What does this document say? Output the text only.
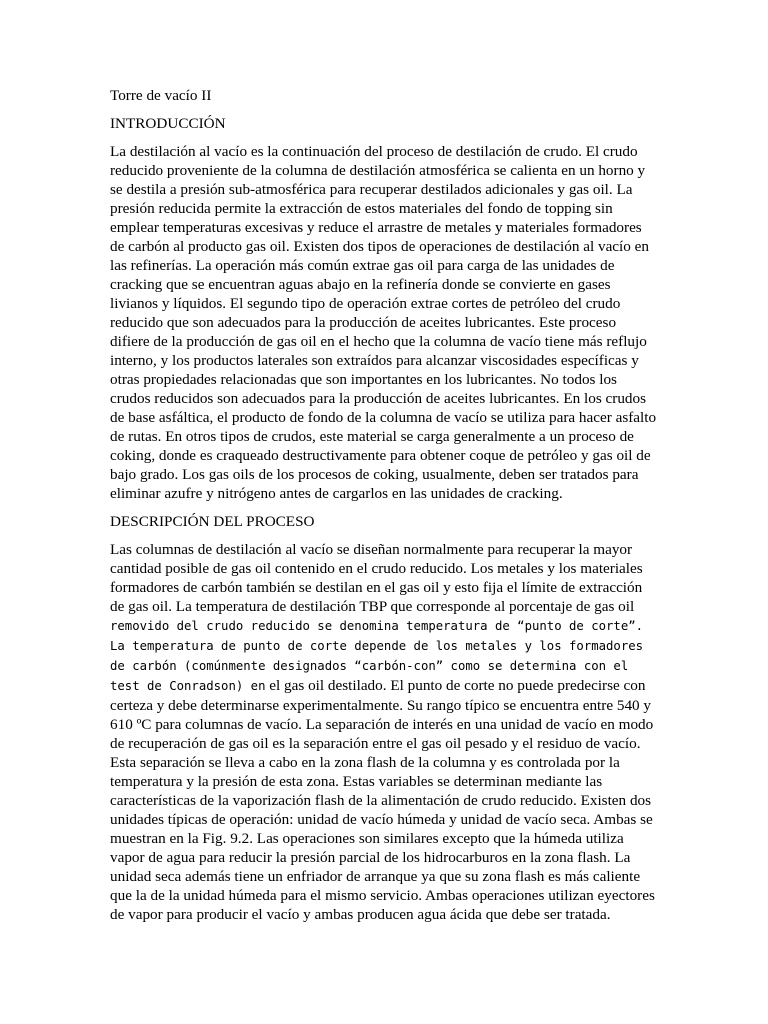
Torre de vacío II

INTRODUCCIÓN

La destilación al vacío es la continuación del proceso de destilación de crudo. El crudo reducido proveniente de la columna de destilación atmosférica se calienta en un horno y se destila a presión sub-atmosférica para recuperar destilados adicionales y gas oil. La presión reducida permite la extracción de estos materiales del fondo de topping sin emplear temperaturas excesivas y reduce el arrastre de metales y materiales formadores de carbón al producto gas oil. Existen dos tipos de operaciones de destilación al vacío en las refinerías. La operación más común extrae gas oil para carga de las unidades de cracking que se encuentran aguas abajo en la refinería donde se convierte en gases livianos y líquidos. El segundo tipo de operación extrae cortes de petróleo del crudo reducido que son adecuados para la producción de aceites lubricantes. Este proceso difiere de la producción de gas oil en el hecho que la columna de vacío tiene más reflujo interno, y los productos laterales son extraídos para alcanzar viscosidades específicas y otras propiedades relacionadas que son importantes en los lubricantes. No todos los crudos reducidos son adecuados para la producción de aceites lubricantes. En los crudos de base asfáltica, el producto de fondo de la columna de vacío se utiliza para hacer asfalto de rutas. En otros tipos de crudos, este material se carga generalmente a un proceso de coking, donde es craqueado destructivamente para obtener coque de petróleo y gas oil de bajo grado. Los gas oils de los procesos de coking, usualmente, deben ser tratados para eliminar azufre y nitrógeno antes de cargarlos en las unidades de cracking.

DESCRIPCIÓN DEL PROCESO

Las columnas de destilación al vacío se diseñan normalmente para recuperar la mayor cantidad posible de gas oil contenido en el crudo reducido. Los metales y los materiales formadores de carbón también se destilan en el gas oil y esto fija el límite de extracción de gas oil. La temperatura de destilación TBP que corresponde al porcentaje de gas oil removido del crudo reducido se denomina temperatura de “punto de corte”. La temperatura de punto de corte depende de los metales y los formadores de carbón (comúnmente designados “carbón-con” como se determina con el test de Conradson) en el gas oil destilado. El punto de corte no puede predecirse con certeza y debe determinarse experimentalmente. Su rango típico se encuentra entre 540 y 610 ºC para columnas de vacío. La separación de interés en una unidad de vacío en modo de recuperación de gas oil es la separación entre el gas oil pesado y el residuo de vacío. Esta separación se lleva a cabo en la zona flash de la columna y es controlada por la temperatura y la presión de esta zona. Estas variables se determinan mediante las características de la vaporización flash de la alimentación de crudo reducido. Existen dos unidades típicas de operación: unidad de vacío húmeda y unidad de vacío seca. Ambas se muestran en la Fig. 9.2. Las operaciones son similares excepto que la húmeda utiliza vapor de agua para reducir la presión parcial de los hidrocarburos en la zona flash. La unidad seca además tiene un enfriador de arranque ya que su zona flash es más caliente que la de la unidad húmeda para el mismo servicio. Ambas operaciones utilizan eyectores de vapor para producir el vacío y ambas producen agua ácida que debe ser tratada.
